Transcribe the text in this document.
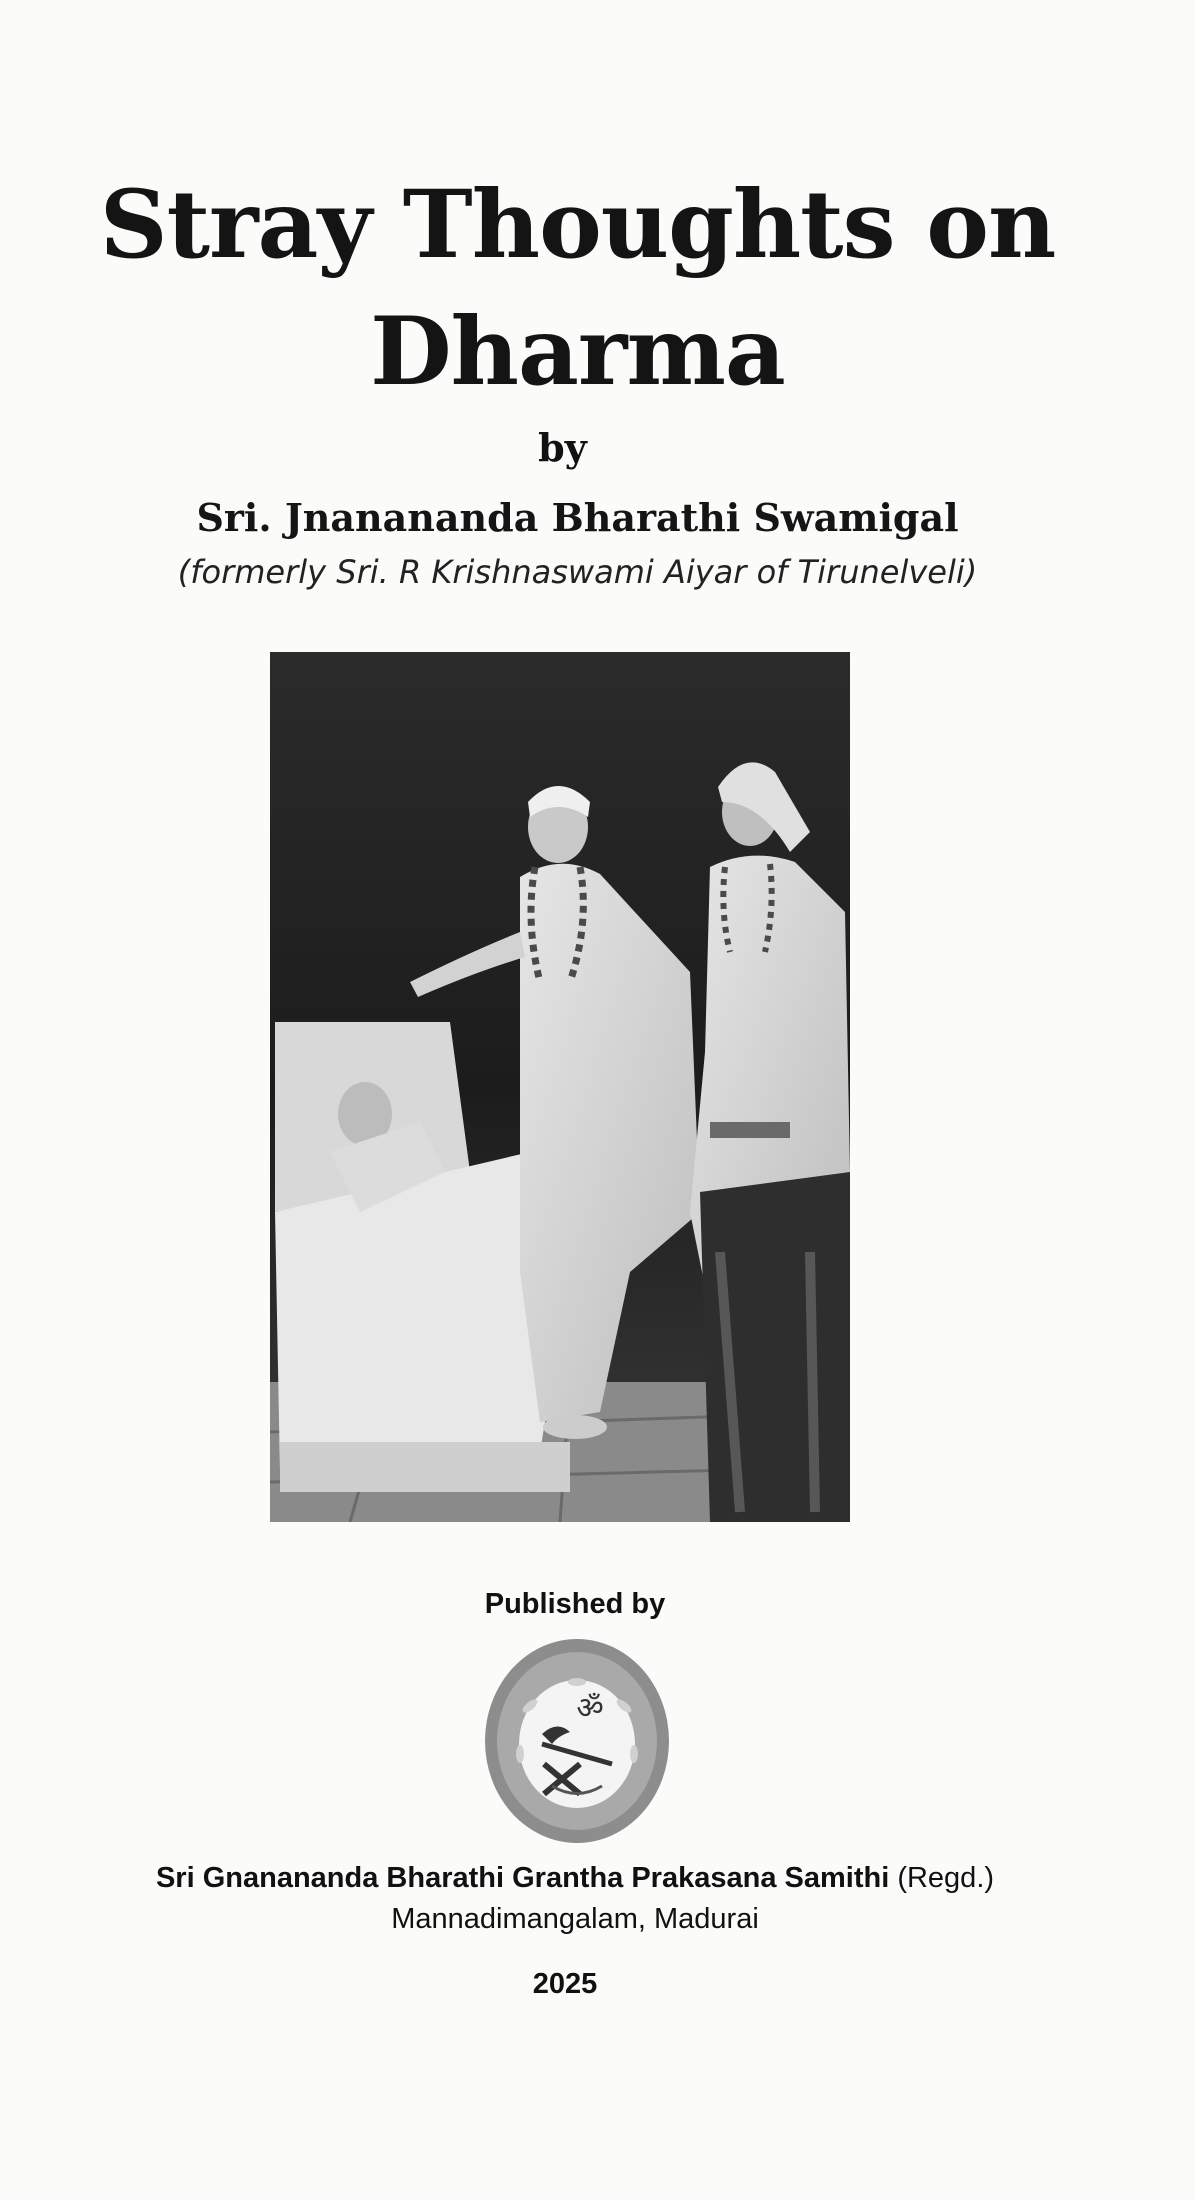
Stray Thoughts on
Dharma
by
Sri. Jnanananda Bharathi Swamigal
(formerly Sri. R Krishnaswami Aiyar of Tirunelveli)
Published by
ॐ
Sri Gnanananda Bharathi Grantha Prakasana Samithi (Regd.)
Mannadimangalam, Madurai
2025
